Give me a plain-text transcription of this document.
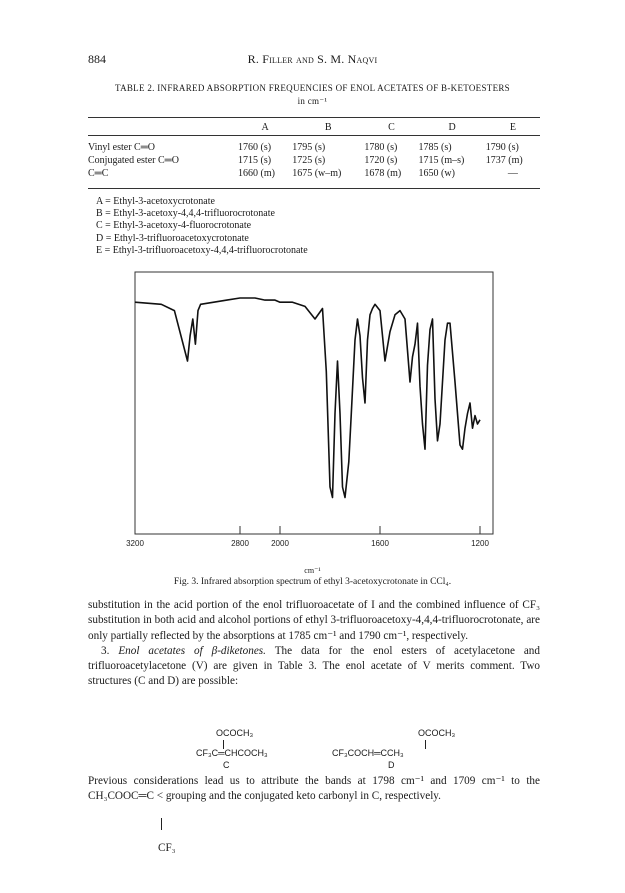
884	R. Filler and S. M. Naqvi
TABLE 2. INFRARED ABSORPTION FREQUENCIES OF ENOL ACETATES OF Β-KETOESTERS
in cm⁻¹
	A	B	C	D	E
Vinyl ester C═O	1760 (s)	1795 (s)	1780 (s)	1785 (s)	1790 (s)
Conjugated ester C═O	1715 (s)	1725 (s)	1720 (s)	1715 (m–s)	1737 (m)
C═C	1660 (m)	1675 (w–m)	1678 (m)	1650 (w)	—
A = Ethyl-3-acetoxycrotonate
B = Ethyl-3-acetoxy-4,4,4-trifluorocrotonate
C = Ethyl-3-acetoxy-4-fluorocrotonate
D = Ethyl-3-trifluoroacetoxycrotonate
E = Ethyl-3-trifluoroacetoxy-4,4,4-trifluorocrotonate
3200	2800	2000	1600	1200
cm⁻¹
Fig. 3. Infrared absorption spectrum of ethyl 3-acetoxycrotonate in CCl₄.

substitution in the acid portion of the enol trifluoroacetate of I and the combined influence of CF₃ substitution in both acid and alcohol portions of ethyl 3-trifluoroacetoxy-4,4,4-trifluorocrotonate, are only partially reflected by the absorptions at 1785 cm⁻¹ and 1790 cm⁻¹, respectively.

3. Enol acetates of β-diketones. The data for the enol esters of acetylacetone and trifluoroacetylacetone (V) are given in Table 3. The enol acetate of V merits comment. Two structures (C and D) are possible:

OCOCH₃
CF₃C═CHCOCH₃
C
OCOCH₃
CF₃COCH═CCH₃
D

Previous considerations lead us to attribute the bands at 1798 cm⁻¹ and 1709 cm⁻¹ to the CH₃COOC═C < grouping and the conjugated keto carbonyl in C, respectively.

CF₃
